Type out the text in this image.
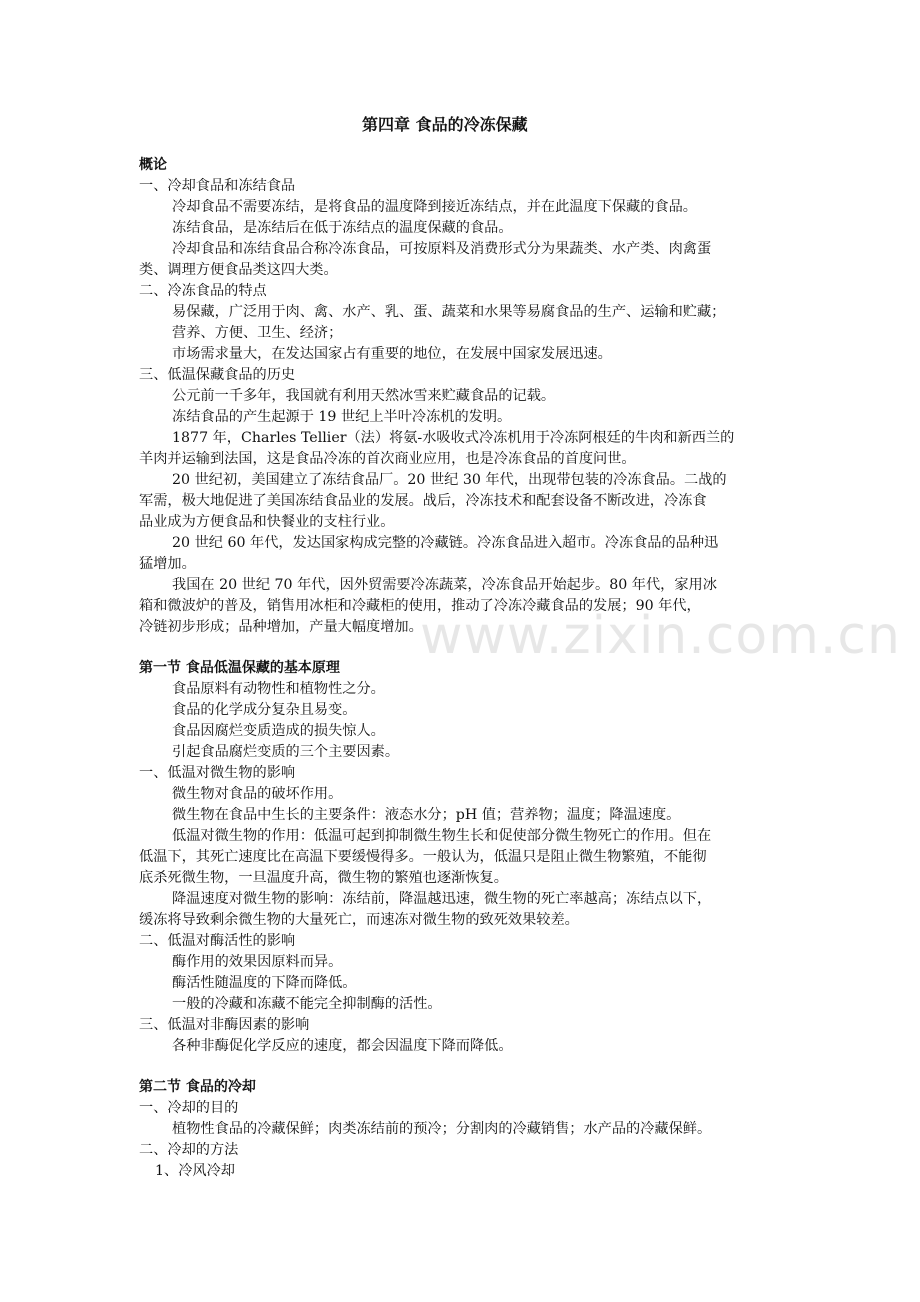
www.zixin.com.cn
第四章 食品的冷冻保藏
概论
一、冷却食品和冻结食品
冷却食品不需要冻结，是将食品的温度降到接近冻结点，并在此温度下保藏的食品。
冻结食品，是冻结后在低于冻结点的温度保藏的食品。
冷却食品和冻结食品合称冷冻食品，可按原料及消费形式分为果蔬类、水产类、肉禽蛋
类、调理方便食品类这四大类。
二、冷冻食品的特点
易保藏，广泛用于肉、禽、水产、乳、蛋、蔬菜和水果等易腐食品的生产、运输和贮藏；
营养、方便、卫生、经济；
市场需求量大，在发达国家占有重要的地位，在发展中国家发展迅速。
三、低温保藏食品的历史
公元前一千多年，我国就有利用天然冰雪来贮藏食品的记载。
冻结食品的产生起源于 19 世纪上半叶冷冻机的发明。
1877 年，Charles Tellier（法）将氨-水吸收式冷冻机用于冷冻阿根廷的牛肉和新西兰的
羊肉并运输到法国，这是食品冷冻的首次商业应用，也是冷冻食品的首度问世。
20 世纪初，美国建立了冻结食品厂。20 世纪 30 年代，出现带包装的冷冻食品。二战的
军需，极大地促进了美国冻结食品业的发展。战后，冷冻技术和配套设备不断改进，冷冻食
品业成为方便食品和快餐业的支柱行业。
20 世纪 60 年代，发达国家构成完整的冷藏链。冷冻食品进入超市。冷冻食品的品种迅
猛增加。
我国在 20 世纪 70 年代，因外贸需要冷冻蔬菜，冷冻食品开始起步。80 年代，家用冰
箱和微波炉的普及，销售用冰柜和冷藏柜的使用，推动了冷冻冷藏食品的发展；90 年代，
冷链初步形成；品种增加，产量大幅度增加。
第一节 食品低温保藏的基本原理
食品原料有动物性和植物性之分。
食品的化学成分复杂且易变。
食品因腐烂变质造成的损失惊人。
引起食品腐烂变质的三个主要因素。
一、低温对微生物的影响
微生物对食品的破坏作用。
微生物在食品中生长的主要条件：液态水分；pH 值；营养物；温度；降温速度。
低温对微生物的作用：低温可起到抑制微生物生长和促使部分微生物死亡的作用。但在
低温下，其死亡速度比在高温下要缓慢得多。一般认为，低温只是阻止微生物繁殖，不能彻
底杀死微生物，一旦温度升高，微生物的繁殖也逐渐恢复。
降温速度对微生物的影响：冻结前，降温越迅速，微生物的死亡率越高；冻结点以下，
缓冻将导致剩余微生物的大量死亡，而速冻对微生物的致死效果较差。
二、低温对酶活性的影响
酶作用的效果因原料而异。
酶活性随温度的下降而降低。
一般的冷藏和冻藏不能完全抑制酶的活性。
三、低温对非酶因素的影响
各种非酶促化学反应的速度，都会因温度下降而降低。
第二节 食品的冷却
一、冷却的目的
植物性食品的冷藏保鲜；肉类冻结前的预冷；分割肉的冷藏销售；水产品的冷藏保鲜。
二、冷却的方法
1、冷风冷却
